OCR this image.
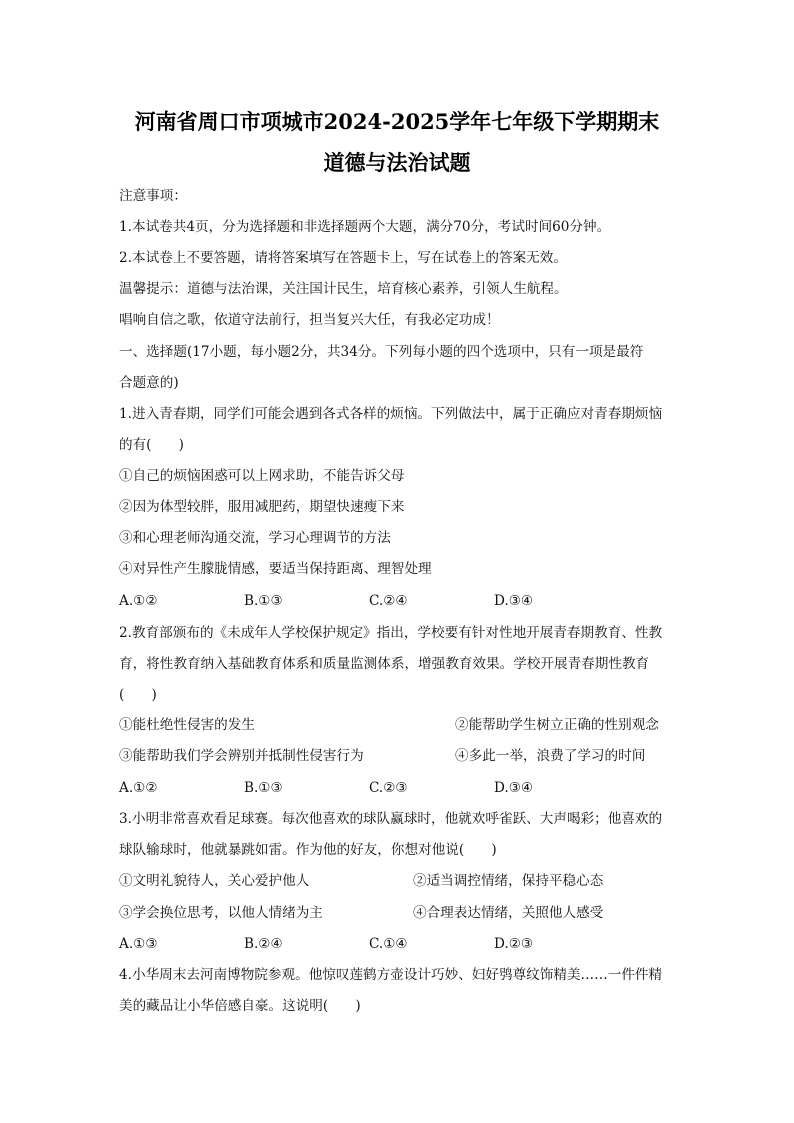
河南省周口市项城市2024-2025学年七年级下学期期末
道德与法治试题
注意事项：
1.本试卷共4页，分为选择题和非选择题两个大题，满分70分，考试时间60分钟。
2.本试卷上不要答题，请将答案填写在答题卡上，写在试卷上的答案无效。
温馨提示：道德与法治课，关注国计民生，培育核心素养，引领人生航程。
唱响自信之歌，依道守法前行，担当复兴大任，有我必定功成！
一、选择题(17小题，每小题2分，共34分。下列每小题的四个选项中，只有一项是最符
合题意的)
1.进入青春期，同学们可能会遇到各式各样的烦恼。下列做法中，属于正确应对青春期烦恼
的有(　　)
①自己的烦恼困惑可以上网求助，不能告诉父母
②因为体型较胖，服用减肥药，期望快速瘦下来
③和心理老师沟通交流，学习心理调节的方法
④对异性产生朦胧情感，要适当保持距离、理智处理
A.①②	B.①③	C.②④	D.③④
2.教育部颁布的《未成年人学校保护规定》指出，学校要有针对性地开展青春期教育、性教
育，将性教育纳入基础教育体系和质量监测体系，增强教育效果。学校开展青春期性教育
(　　)
①能杜绝性侵害的发生	②能帮助学生树立正确的性别观念
③能帮助我们学会辨别并抵制性侵害行为	④多此一举，浪费了学习的时间
A.①②	B.①③	C.②③	D.③④
3.小明非常喜欢看足球赛。每次他喜欢的球队赢球时，他就欢呼雀跃、大声喝彩；他喜欢的
球队输球时，他就暴跳如雷。作为他的好友，你想对他说(　　)
①文明礼貌待人，关心爱护他人	②适当调控情绪，保持平稳心态
③学会换位思考，以他人情绪为主	④合理表达情绪，关照他人感受
A.①③	B.②④	C.①④	D.②③
4.小华周末去河南博物院参观。他惊叹莲鹤方壶设计巧妙、妇好鸮尊纹饰精美……一件件精
美的藏品让小华倍感自豪。这说明(　　)
